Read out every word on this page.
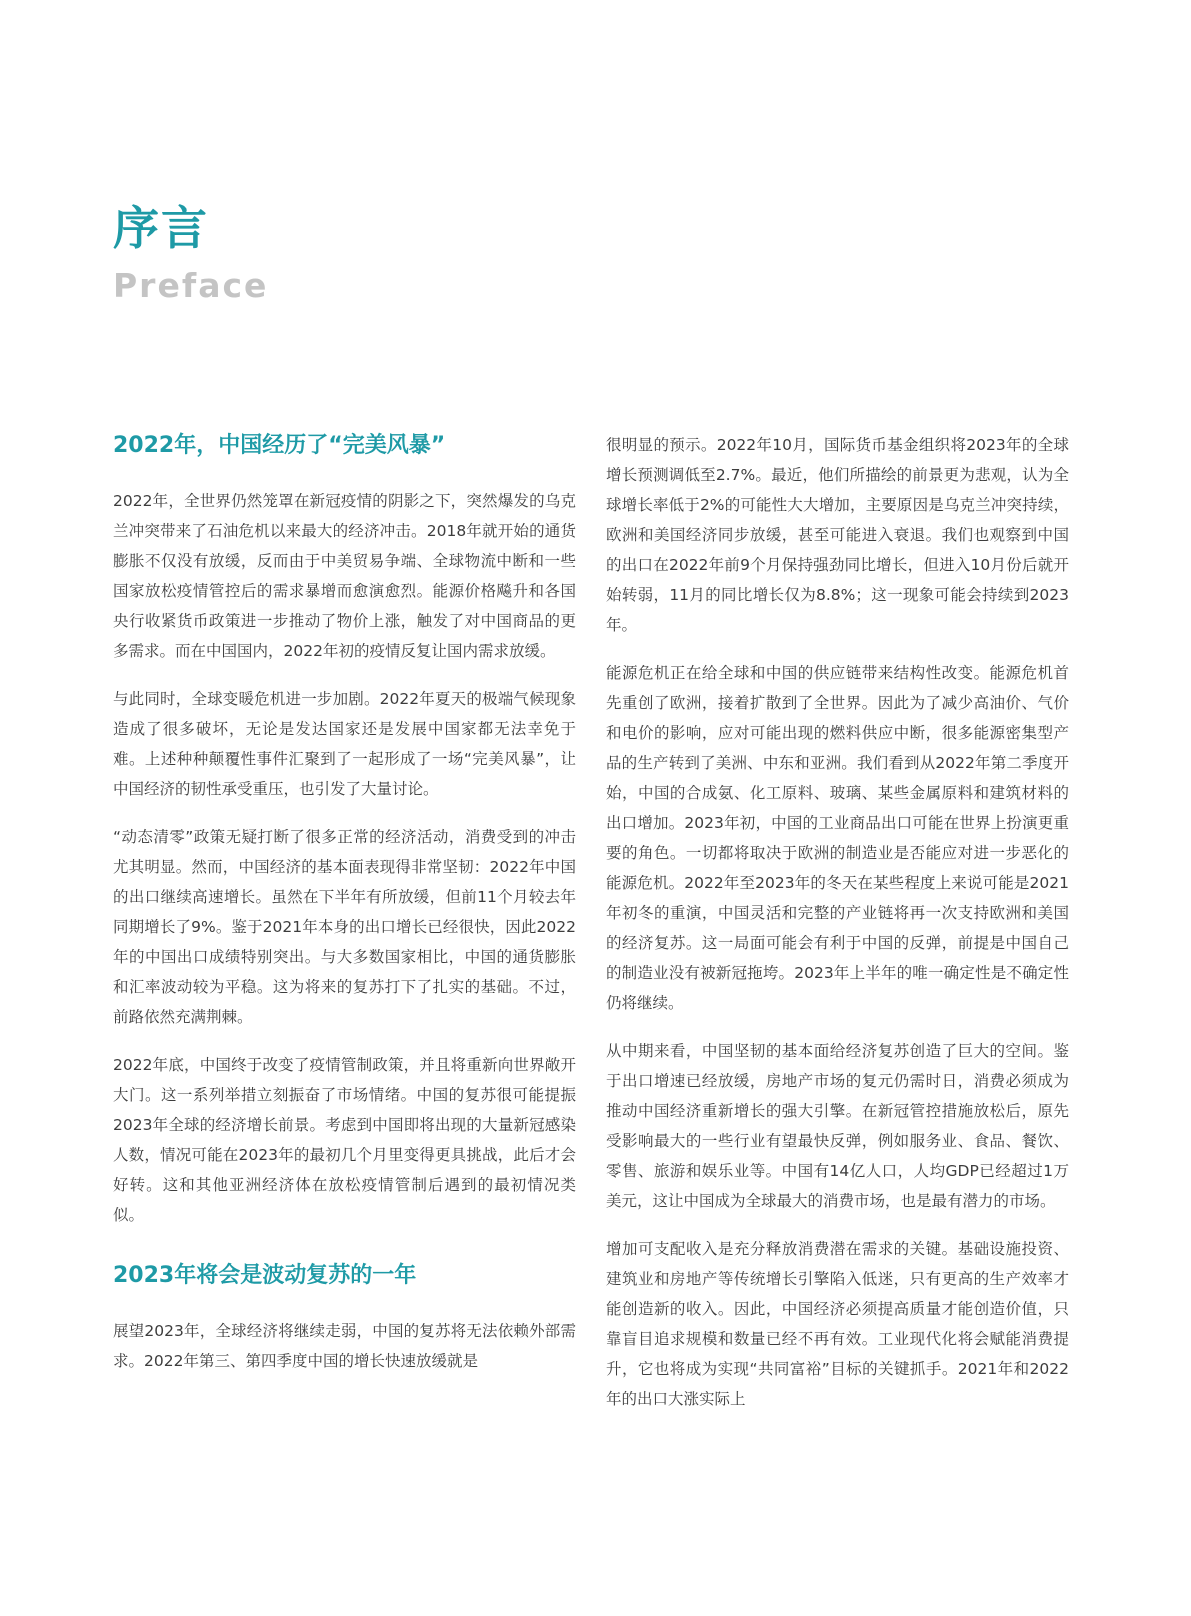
序言
Preface
2022年，中国经历了“完美风暴”

2022年，全世界仍然笼罩在新冠疫情的阴影之下，突然爆发的乌克兰冲突带来了石油危机以来最大的经济冲击。2018年就开始的通货膨胀不仅没有放缓，反而由于中美贸易争端、全球物流中断和一些国家放松疫情管控后的需求暴增而愈演愈烈。能源价格飚升和各国央行收紧货币政策进一步推动了物价上涨，触发了对中国商品的更多需求。而在中国国内，2022年初的疫情反复让国内需求放缓。

与此同时，全球变暖危机进一步加剧。2022年夏天的极端气候现象造成了很多破坏，无论是发达国家还是发展中国家都无法幸免于难。上述种种颠覆性事件汇聚到了一起形成了一场“完美风暴”，让中国经济的韧性承受重压，也引发了大量讨论。

“动态清零”政策无疑打断了很多正常的经济活动，消费受到的冲击尤其明显。然而，中国经济的基本面表现得非常坚韧：2022年中国的出口继续高速增长。虽然在下半年有所放缓，但前11个月较去年同期增长了9%。鉴于2021年本身的出口增长已经很快，因此2022年的中国出口成绩特别突出。与大多数国家相比，中国的通货膨胀和汇率波动较为平稳。这为将来的复苏打下了扎实的基础。不过，前路依然充满荆棘。

2022年底，中国终于改变了疫情管制政策，并且将重新向世界敞开大门。这一系列举措立刻振奋了市场情绪。中国的复苏很可能提振2023年全球的经济增长前景。考虑到中国即将出现的大量新冠感染人数，情况可能在2023年的最初几个月里变得更具挑战，此后才会好转。这和其他亚洲经济体在放松疫情管制后遇到的最初情况类似。

2023年将会是波动复苏的一年

展望2023年，全球经济将继续走弱，中国的复苏将无法依赖外部需求。2022年第三、第四季度中国的增长快速放缓就是

很明显的预示。2022年10月，国际货币基金组织将2023年的全球增长预测调低至2.7%。最近，他们所描绘的前景更为悲观，认为全球增长率低于2%的可能性大大增加，主要原因是乌克兰冲突持续，欧洲和美国经济同步放缓，甚至可能进入衰退。我们也观察到中国的出口在2022年前9个月保持强劲同比增长，但进入10月份后就开始转弱，11月的同比增长仅为8.8%；这一现象可能会持续到2023年。

能源危机正在给全球和中国的供应链带来结构性改变。能源危机首先重创了欧洲，接着扩散到了全世界。因此为了减少高油价、气价和电价的影响，应对可能出现的燃料供应中断，很多能源密集型产品的生产转到了美洲、中东和亚洲。我们看到从2022年第二季度开始，中国的合成氨、化工原料、玻璃、某些金属原料和建筑材料的出口增加。2023年初，中国的工业商品出口可能在世界上扮演更重要的角色。一切都将取决于欧洲的制造业是否能应对进一步恶化的能源危机。2022年至2023年的冬天在某些程度上来说可能是2021年初冬的重演，中国灵活和完整的产业链将再一次支持欧洲和美国的经济复苏。这一局面可能会有利于中国的反弹，前提是中国自己的制造业没有被新冠拖垮。2023年上半年的唯一确定性是不确定性仍将继续。

从中期来看，中国坚韧的基本面给经济复苏创造了巨大的空间。鉴于出口增速已经放缓，房地产市场的复元仍需时日，消费必须成为推动中国经济重新增长的强大引擎。在新冠管控措施放松后，原先受影响最大的一些行业有望最快反弹，例如服务业、食品、餐饮、零售、旅游和娱乐业等。中国有14亿人口，人均GDP已经超过1万美元，这让中国成为全球最大的消费市场，也是最有潜力的市场。

增加可支配收入是充分释放消费潜在需求的关键。基础设施投资、建筑业和房地产等传统增长引擎陷入低迷，只有更高的生产效率才能创造新的收入。因此，中国经济必须提高质量才能创造价值，只靠盲目追求规模和数量已经不再有效。工业现代化将会赋能消费提升，它也将成为实现“共同富裕”目标的关键抓手。2021年和2022年的出口大涨实际上
